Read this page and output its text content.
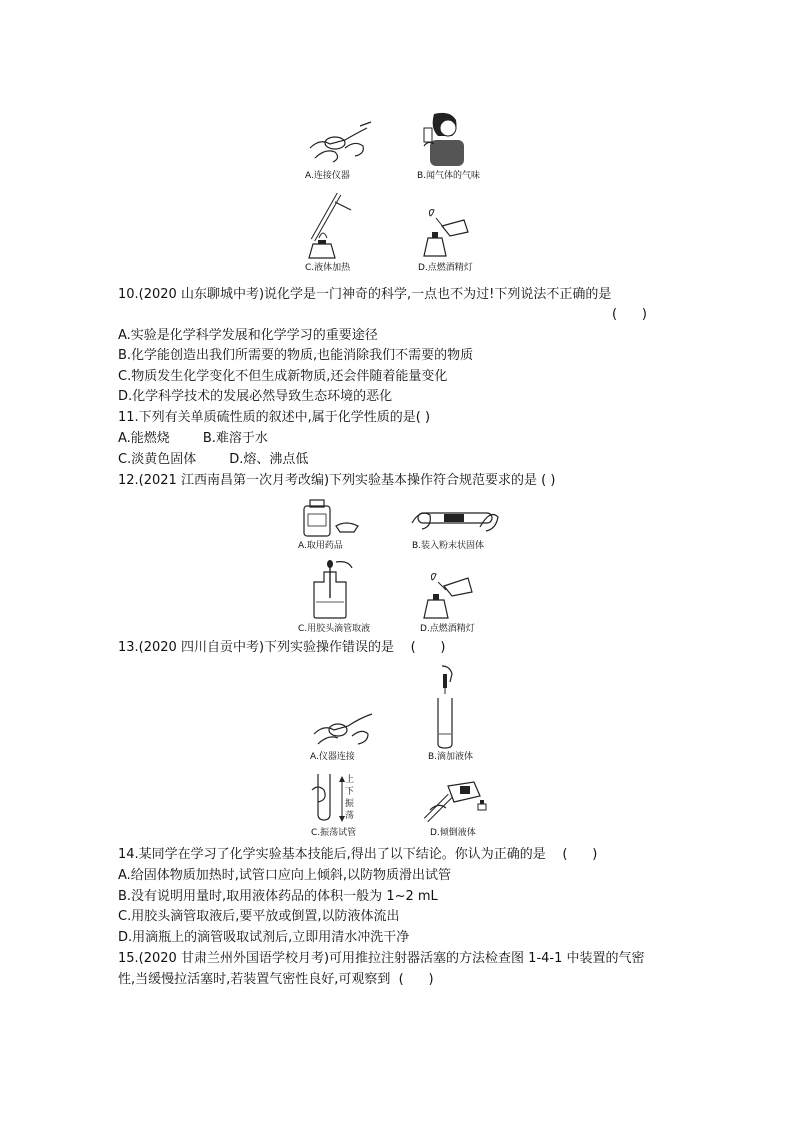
A.连接仪器	B.闻气体的气味
C.液体加热	D.点燃酒精灯
10.(2020 山东聊城中考)说化学是一门神奇的科学,一点也不为过!下列说法不正确的是
(      )
A.实验是化学科学发展和化学学习的重要途径
B.化学能创造出我们所需要的物质,也能消除我们不需要的物质
C.物质发生化学变化不但生成新物质,还会伴随着能量变化
D.化学科学技术的发展必然导致生态环境的恶化
11.下列有关单质硫性质的叙述中,属于化学性质的是( )
A.能燃烧        B.难溶于水
C.淡黄色固体        D.熔、沸点低
12.(2021 江西南昌第一次月考改编)下列实验基本操作符合规范要求的是 ( )
A.取用药品	B.装入粉末状固体
C.用胶头滴管取液	D.点燃酒精灯
13.(2020 四川自贡中考)下列实验操作错误的是    (      )
A.仪器连接	B.滴加液体
上
下
振
荡
C.振荡试管	D.倾倒液体
14.某同学在学习了化学实验基本技能后,得出了以下结论。你认为正确的是    (      )
A.给固体物质加热时,试管口应向上倾斜,以防物质滑出试管
B.没有说明用量时,取用液体药品的体积一般为 1~2 mL
C.用胶头滴管取液后,要平放或倒置,以防液体流出
D.用滴瓶上的滴管吸取试剂后,立即用清水冲洗干净
15.(2020 甘肃兰州外国语学校月考)可用推拉注射器活塞的方法检查图 1-4-1 中装置的气密
性,当缓慢拉活塞时,若装置气密性良好,可观察到  (      )
